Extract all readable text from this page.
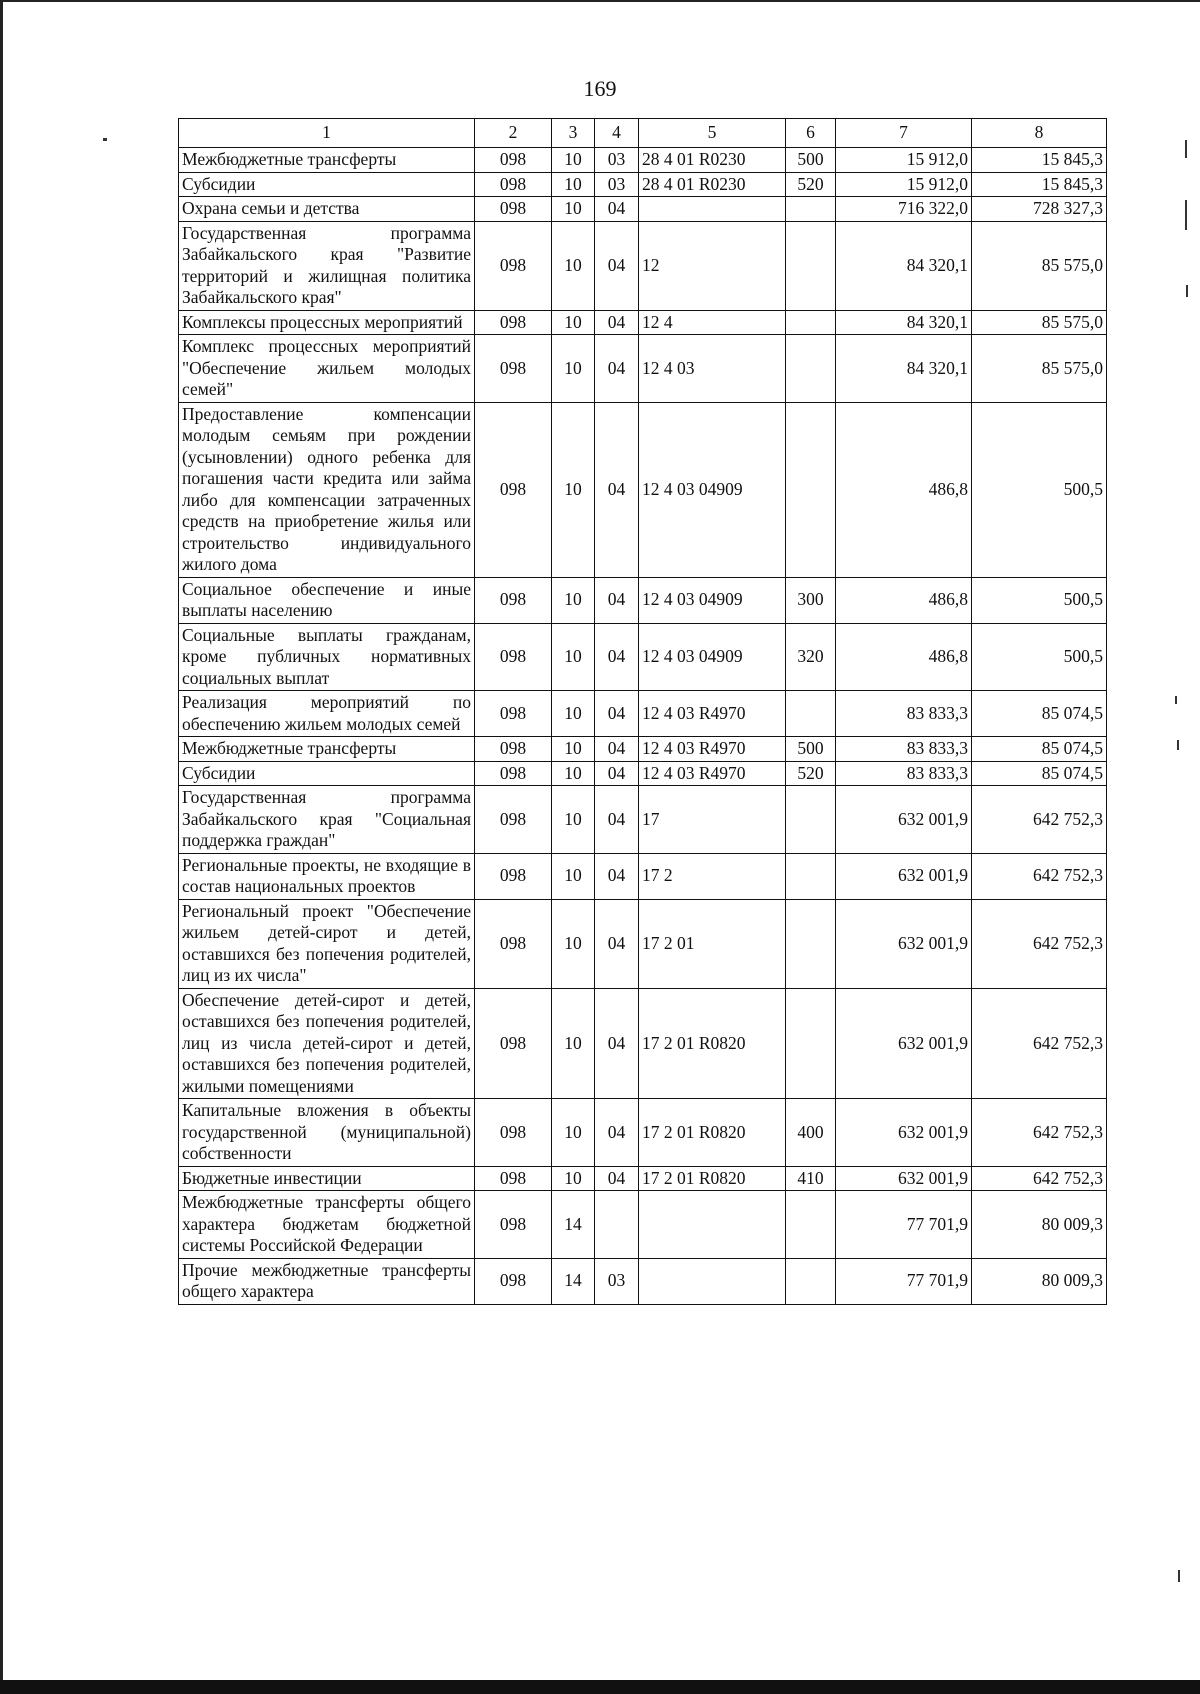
169
1	2	3	4	5	6	7	8
Межбюджетные трансферты	098	10	03	28 4 01 R0230	500	15 912,0	15 845,3
Субсидии	098	10	03	28 4 01 R0230	520	15 912,0	15 845,3
Охрана семьи и детства	098	10	04			716 322,0	728 327,3
Государственная программа Забайкальского края "Развитие территорий и жилищная политика Забайкальского края"	098	10	04	12		84 320,1	85 575,0
Комплексы процессных мероприятий	098	10	04	12 4		84 320,1	85 575,0
Комплекс процессных мероприятий "Обеспечение жильем молодых семей"	098	10	04	12 4 03		84 320,1	85 575,0
Предоставление компенсации молодым семьям при рождении (усыновлении) одного ребенка для погашения части кредита или займа либо для компенсации затраченных средств на приобретение жилья или строительство индивидуального жилого дома	098	10	04	12 4 03 04909		486,8	500,5
Социальное обеспечение и иные выплаты населению	098	10	04	12 4 03 04909	300	486,8	500,5
Социальные выплаты гражданам, кроме публичных нормативных социальных выплат	098	10	04	12 4 03 04909	320	486,8	500,5
Реализация мероприятий по обеспечению жильем молодых семей	098	10	04	12 4 03 R4970		83 833,3	85 074,5
Межбюджетные трансферты	098	10	04	12 4 03 R4970	500	83 833,3	85 074,5
Субсидии	098	10	04	12 4 03 R4970	520	83 833,3	85 074,5
Государственная программа Забайкальского края "Социальная поддержка граждан"	098	10	04	17		632 001,9	642 752,3
Региональные проекты, не входящие в состав национальных проектов	098	10	04	17 2		632 001,9	642 752,3
Региональный проект "Обеспечение жильем детей-сирот и детей, оставшихся без попечения родителей, лиц из их числа"	098	10	04	17 2 01		632 001,9	642 752,3
Обеспечение детей-сирот и детей, оставшихся без попечения родителей, лиц из числа детей-сирот и детей, оставшихся без попечения родителей, жилыми помещениями	098	10	04	17 2 01 R0820		632 001,9	642 752,3
Капитальные вложения в объекты государственной (муниципальной) собственности	098	10	04	17 2 01 R0820	400	632 001,9	642 752,3
Бюджетные инвестиции	098	10	04	17 2 01 R0820	410	632 001,9	642 752,3
Межбюджетные трансферты общего характера бюджетам бюджетной системы Российской Федерации	098	14				77 701,9	80 009,3
Прочие межбюджетные трансферты общего характера	098	14	03			77 701,9	80 009,3
